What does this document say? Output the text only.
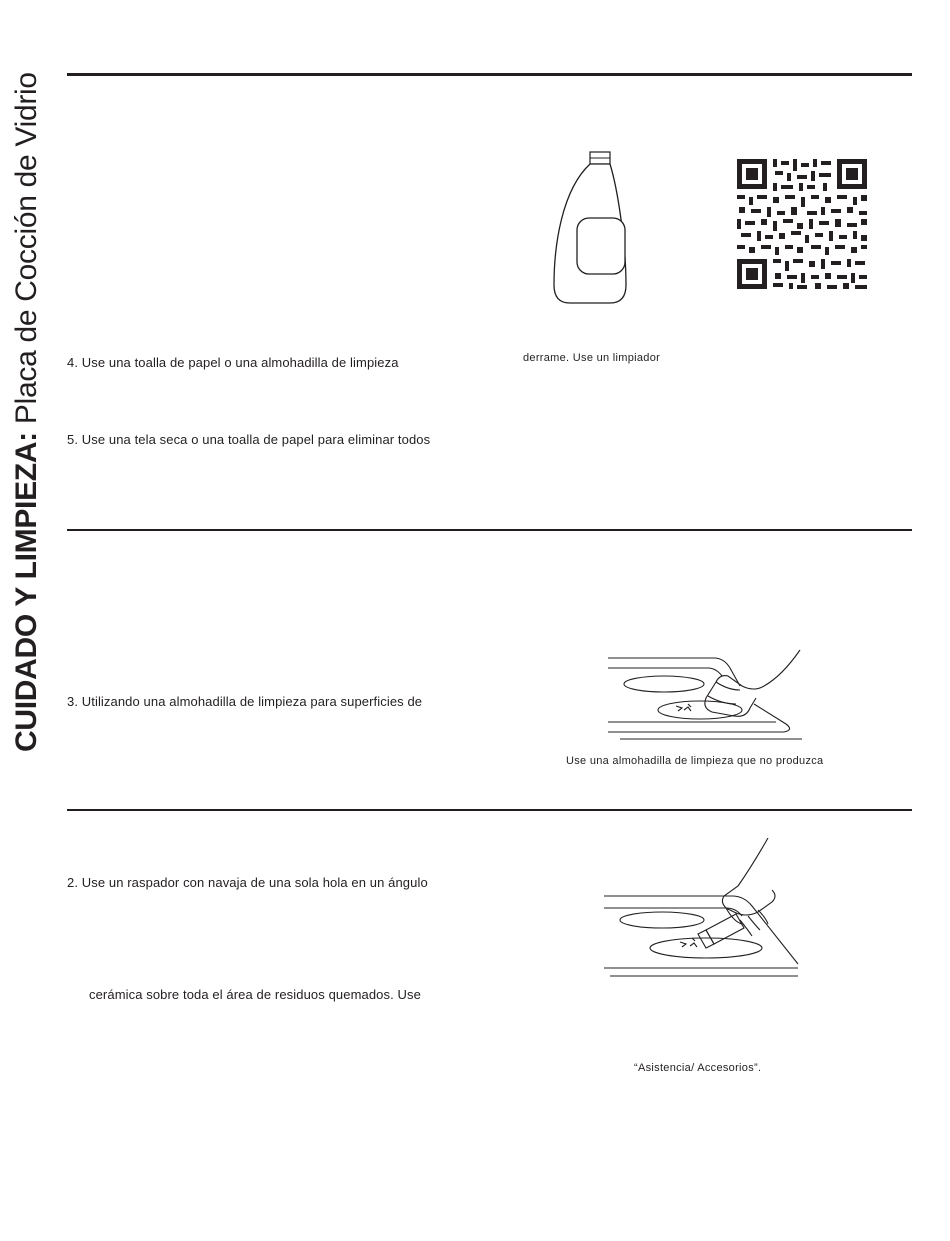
CUIDADO Y LIMPIEZA: Placa de Cocción de Vidrio 4. Use una toalla de papel o una almohadilla de limpieza	derrame. Use un limpiador
5. Use una tela seca o una toalla de papel para eliminar todos
3. Utilizando una almohadilla de limpieza para superficies de
Use una almohadilla de limpieza que no produzca
2. Use un raspador con navaja de una sola hola en un ángulo
cerámica sobre toda el área de residuos quemados. Use
“Asistencia/ Accesorios”.
